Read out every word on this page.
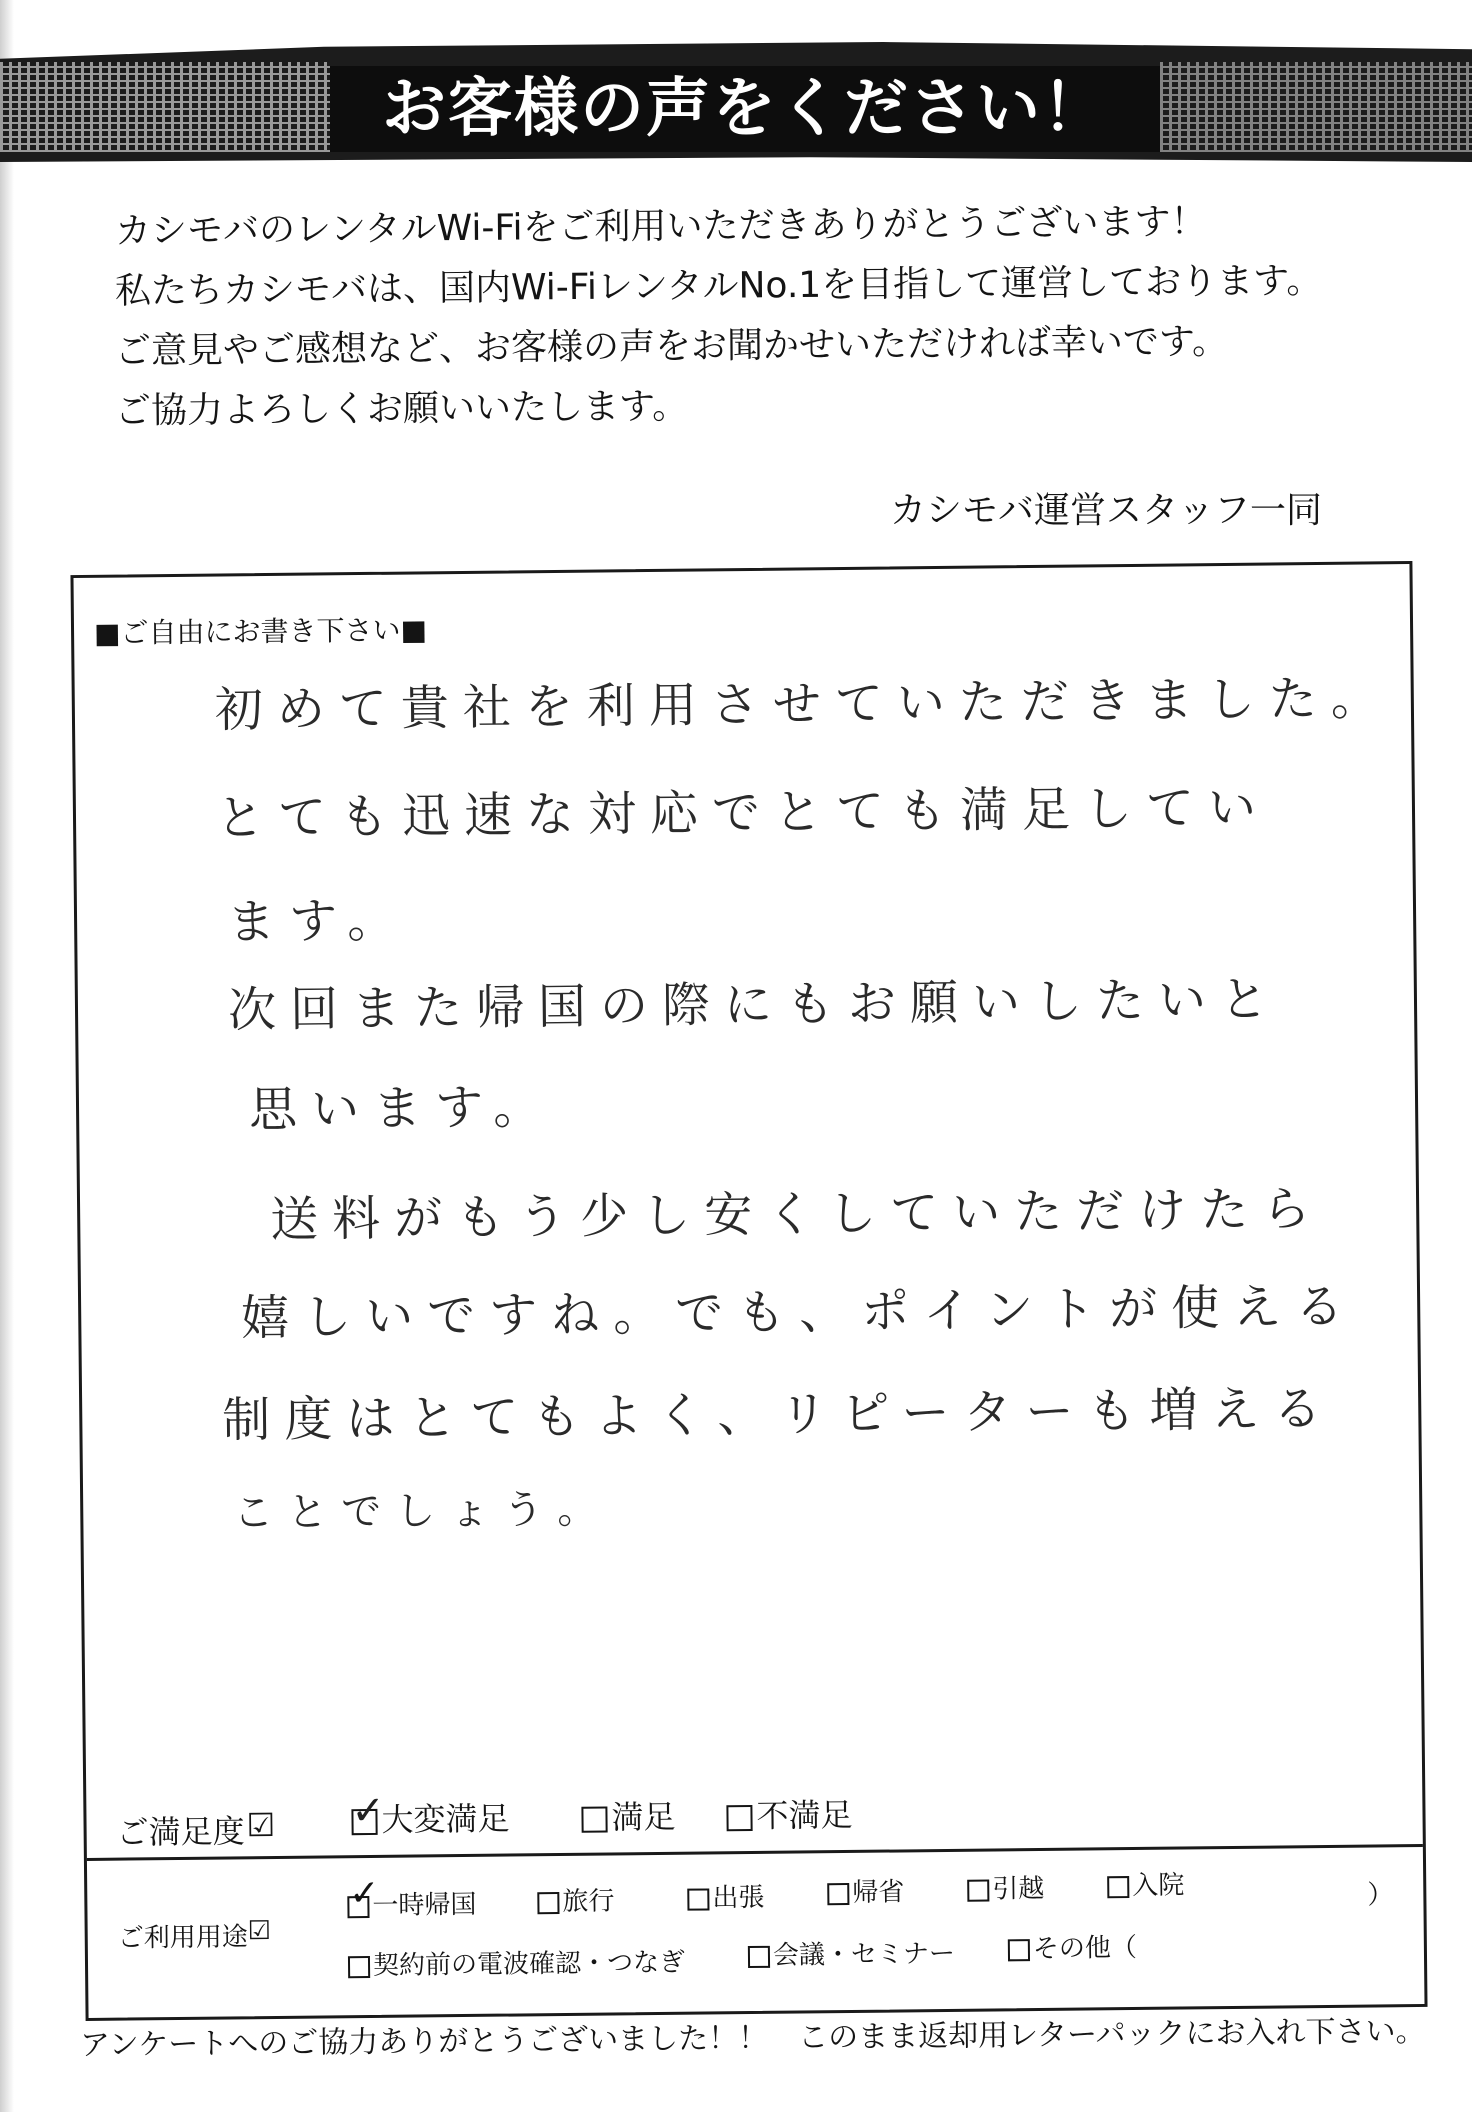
お客様の声をください！
カシモバのレンタルWi-Fiをご利用いただきありがとうございます！
私たちカシモバは、国内Wi-FiレンタルNo.1を目指して運営しております。
ご意見やご感想など、お客様の声をお聞かせいただければ幸いです。
ご協力よろしくお願いいたします。
カシモバ運営スタッフ一同
■ご自由にお書き下さい■
初めて貴社を利用させていただきました。
とても迅速な対応でとても満足してい
ます。
次回また帰国の際にもお願いしたいと
思います。
送料がもう少し安くしていただけたら
嬉しいですね。でも、ポイントが使える
制度はとてもよく、リピーターも増える
ことでしょう。
ご満足度 ☑ ✓
大変満足	満足	不満足
ご利用用途 ☑
✓
一時帰国	旅行	出張	帰省	引越	入院
契約前の電波確認・つなぎ	会議・セミナー	その他（
）
アンケートへのご協力ありがとうございました！！　このまま返却用レターパックにお入れ下さい。
